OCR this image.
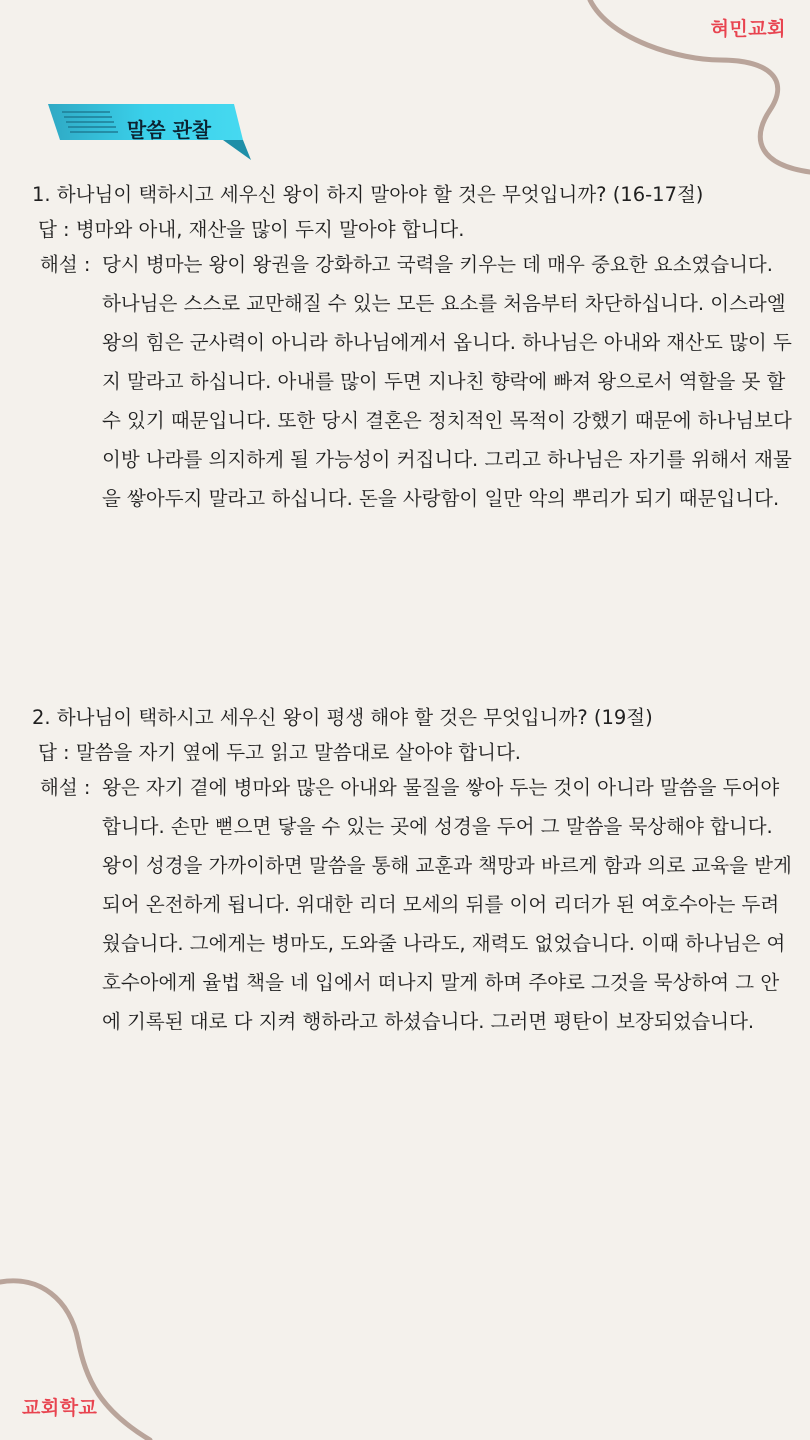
혀민교회
말씀 관찰

1. 하나님이 택하시고 세우신 왕이 하지 말아야 할 것은 무엇입니까? (16-17절)

답 : 병마와 아내, 재산을 많이 두지 말아야 합니다.
해설 : 당시 병마는 왕이 왕권을 강화하고 국력을 키우는 데 매우 중요한 요소였습니다. 하나님은 스스로 교만해질 수 있는 모든 요소를 처음부터 차단하십니다. 이스라엘 왕의 힘은 군사력이 아니라 하나님에게서 옵니다. 하나님은 아내와 재산도 많이 두지 말라고 하십니다. 아내를 많이 두면 지나친 향락에 빠져 왕으로서 역할을 못 할 수 있기 때문입니다. 또한 당시 결혼은 정치적인 목적이 강했기 때문에 하나님보다 이방 나라를 의지하게 될 가능성이 커집니다. 그리고 하나님은 자기를 위해서 재물을 쌓아두지 말라고 하십니다. 돈을 사랑함이 일만 악의 뿌리가 되기 때문입니다.

2. 하나님이 택하시고 세우신 왕이 평생 해야 할 것은 무엇입니까? (19절)

답 : 말씀을 자기 옆에 두고 읽고 말씀대로 살아야 합니다.
해설 : 왕은 자기 곁에 병마와 많은 아내와 물질을 쌓아 두는 것이 아니라 말씀을 두어야 합니다. 손만 뻗으면 닿을 수 있는 곳에 성경을 두어 그 말씀을 묵상해야 합니다. 왕이 성경을 가까이하면 말씀을 통해 교훈과 책망과 바르게 함과 의로 교육을 받게 되어 온전하게 됩니다. 위대한 리더 모세의 뒤를 이어 리더가 된 여호수아는 두려웠습니다. 그에게는 병마도, 도와줄 나라도, 재력도 없었습니다. 이때 하나님은 여호수아에게 율법 책을 네 입에서 떠나지 말게 하며 주야로 그것을 묵상하여 그 안에 기록된 대로 다 지켜 행하라고 하셨습니다. 그러면 평탄이 보장되었습니다.
교회학교
